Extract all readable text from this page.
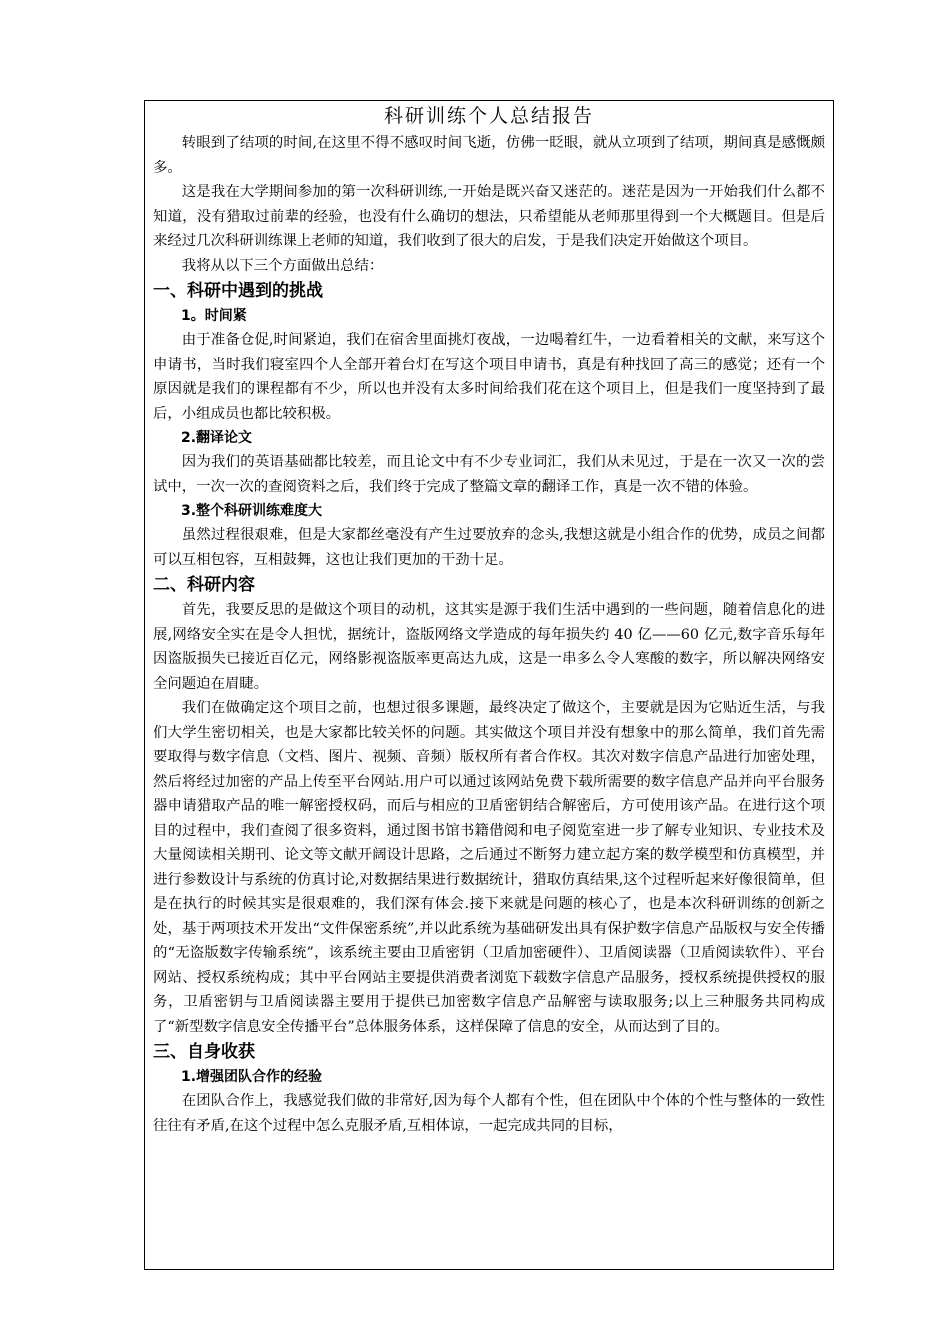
科研训练个人总结报告

转眼到了结项的时间,在这里不得不感叹时间飞逝，仿佛一眨眼，就从立项到了结项，期间真是感慨颇多。

这是我在大学期间参加的第一次科研训练,一开始是既兴奋又迷茫的。迷茫是因为一开始我们什么都不知道，没有猎取过前辈的经验，也没有什么确切的想法，只希望能从老师那里得到一个大概题目。但是后来经过几次科研训练课上老师的知道，我们收到了很大的启发，于是我们决定开始做这个项目。

我将从以下三个方面做出总结：

一、科研中遇到的挑战
1。时间紧

由于准备仓促,时间紧迫，我们在宿舍里面挑灯夜战，一边喝着红牛，一边看着相关的文献，来写这个申请书，当时我们寝室四个人全部开着台灯在写这个项目申请书，真是有种找回了高三的感觉；还有一个原因就是我们的课程都有不少，所以也并没有太多时间给我们花在这个项目上，但是我们一度坚持到了最后，小组成员也都比较积极。

2.翻译论文

因为我们的英语基础都比较差，而且论文中有不少专业词汇，我们从未见过，于是在一次又一次的尝试中，一次一次的查阅资料之后，我们终于完成了整篇文章的翻译工作，真是一次不错的体验。

3.整个科研训练难度大

虽然过程很艰难，但是大家都丝毫没有产生过要放弃的念头,我想这就是小组合作的优势，成员之间都可以互相包容，互相鼓舞，这也让我们更加的干劲十足。

二、科研内容

首先，我要反思的是做这个项目的动机，这其实是源于我们生活中遇到的一些问题，随着信息化的进展,网络安全实在是令人担忧，据统计，盗版网络文学造成的每年损失约 40 亿——60 亿元,数字音乐每年因盗版损失已接近百亿元，网络影视盗版率更高达九成，这是一串多么令人寒酸的数字，所以解决网络安全问题迫在眉睫。

我们在做确定这个项目之前，也想过很多课题，最终决定了做这个，主要就是因为它贴近生活，与我们大学生密切相关，也是大家都比较关怀的问题。其实做这个项目并没有想象中的那么简单，我们首先需要取得与数字信息（文档、图片、视频、音频）版权所有者合作权。其次对数字信息产品进行加密处理，然后将经过加密的产品上传至平台网站.用户可以通过该网站免费下载所需要的数字信息产品并向平台服务器申请猎取产品的唯一解密授权码，而后与相应的卫盾密钥结合解密后，方可使用该产品。在进行这个项目的过程中，我们查阅了很多资料，通过图书馆书籍借阅和电子阅览室进一步了解专业知识、专业技术及大量阅读相关期刊、论文等文献开阔设计思路，之后通过不断努力建立起方案的数学模型和仿真模型，并进行参数设计与系统的仿真讨论,对数据结果进行数据统计，猎取仿真结果,这个过程听起来好像很简单，但是在执行的时候其实是很艰难的，我们深有体会.接下来就是问题的核心了，也是本次科研训练的创新之处，基于两项技术开发出“文件保密系统”,并以此系统为基础研发出具有保护数字信息产品版权与安全传播的“无盗版数字传输系统”，该系统主要由卫盾密钥（卫盾加密硬件）、卫盾阅读器（卫盾阅读软件）、平台网站、授权系统构成；其中平台网站主要提供消费者浏览下载数字信息产品服务，授权系统提供授权的服务，卫盾密钥与卫盾阅读器主要用于提供已加密数字信息产品解密与读取服务;以上三种服务共同构成了“新型数字信息安全传播平台”总体服务体系，这样保障了信息的安全，从而达到了目的。

三、自身收获
1.增强团队合作的经验

在团队合作上，我感觉我们做的非常好,因为每个人都有个性，但在团队中个体的个性与整体的一致性往往有矛盾,在这个过程中怎么克服矛盾,互相体谅，一起完成共同的目标，
